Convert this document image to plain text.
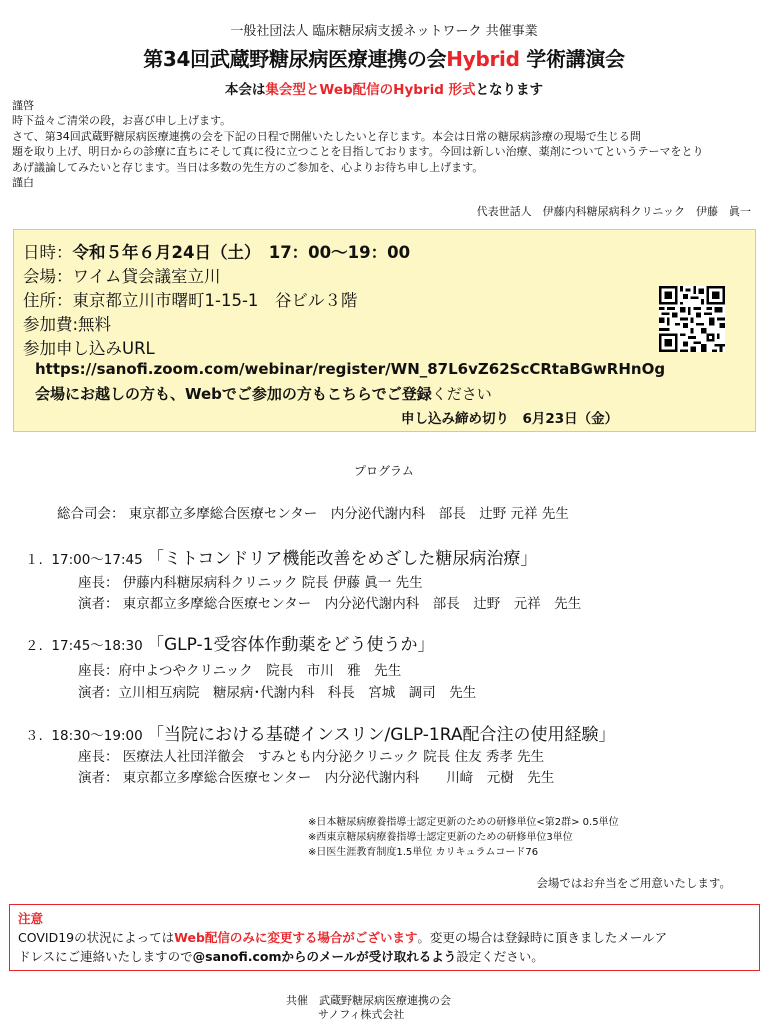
一般社団法人 臨床糖尿病支援ネットワーク 共催事業
第34回武蔵野糖尿病医療連携の会Hybrid 学術講演会
本会は集会型とWeb配信のHybrid 形式となります
謹啓
時下益々ご清栄の段，お喜び申し上げます。
さて、第34回武蔵野糖尿病医療連携の会を下記の日程で開催いたしたいと存じます。本会は日常の糖尿病診療の現場で生じる問
題を取り上げ、明日からの診療に直ちにそして真に役に立つことを目指しております。今回は新しい治療、薬剤についてというテーマをとり
あげ議論してみたいと存じます。当日は多数の先生方のご参加を、心よりお待ち申し上げます。
謹白
代表世話人　伊藤内科糖尿病科クリニック　伊藤　眞一
日時：令和５年６月24日（土）　17：00～19：00
会場：ワイム貸会議室立川
住所：東京都立川市曙町1-15-1　谷ビル３階
参加費:無料
参加申し込みURL
https://sanofi.zoom.com/webinar/register/WN_87L6vZ62ScCRtaBGwRHnOg
会場にお越しの方も、Webでご参加の方もこちらでご登録ください
申し込み締め切り　6月23日（金）
プログラム
総合司会： 東京都立多摩総合医療センター　内分泌代謝内科　部長　辻野 元祥 先生
１. 17:00～17:45 「ミトコンドリア機能改善をめざした糖尿病治療」
座長： 伊藤内科糖尿病科クリニック 院長 伊藤 眞一 先生
演者： 東京都立多摩総合医療センター　内分泌代謝内科　部長　辻野　元祥　先生
２. 17:45～18:30 「GLP-1受容体作動薬をどう使うか」
座長：府中よつやクリニック　院長　市川　雅　先生
演者：立川相互病院　糖尿病･代謝内科　科長　宮城　調司　先生
３. 18:30～19:00 「当院における基礎インスリン/GLP-1RA配合注の使用経験」
座長： 医療法人社団洋徹会　すみとも内分泌クリニック 院長 住友 秀孝 先生
演者： 東京都立多摩総合医療センター　内分泌代謝内科　　川﨑　元樹　先生
※日本糖尿病療養指導士認定更新のための研修単位<第2群> 0.5単位
※西東京糖尿病療養指導士認定更新のための研修単位3単位
※日医生涯教育制度1.5単位 カリキュラムコード76
会場ではお弁当をご用意いたします。
注意
COVID19の状況によってはWeb配信のみに変更する場合がございます。変更の場合は登録時に頂きましたメールア
ドレスにご連絡いたしますので@sanofi.comからのメールが受け取れるよう設定ください。
共催　武蔵野糖尿病医療連携の会
サノフィ株式会社
